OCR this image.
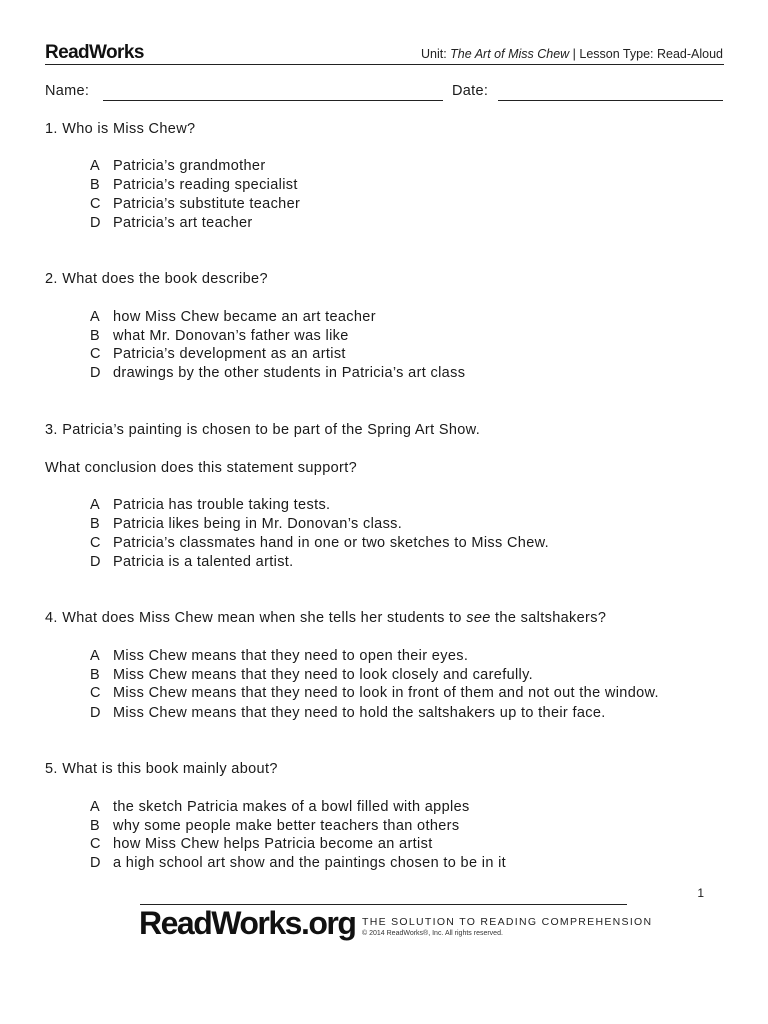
ReadWorks	Unit: The Art of Miss Chew | Lesson Type: Read-Aloud
Name:	Date:
1. Who is Miss Chew?
A Patricia’s grandmother
B Patricia’s reading specialist
C Patricia’s substitute teacher
D Patricia’s art teacher
2. What does the book describe?
A how Miss Chew became an art teacher
B what Mr. Donovan’s father was like
C Patricia’s development as an artist
D drawings by the other students in Patricia’s art class
3. Patricia’s painting is chosen to be part of the Spring Art Show.
What conclusion does this statement support?
A Patricia has trouble taking tests.
B Patricia likes being in Mr. Donovan’s class.
C Patricia’s classmates hand in one or two sketches to Miss Chew.
D Patricia is a talented artist.
4. What does Miss Chew mean when she tells her students to see the saltshakers?
A Miss Chew means that they need to open their eyes.
B Miss Chew means that they need to look closely and carefully.
C Miss Chew means that they need to look in front of them and not out the window.
D Miss Chew means that they need to hold the saltshakers up to their face.
5. What is this book mainly about?
A the sketch Patricia makes of a bowl filled with apples
B why some people make better teachers than others
C how Miss Chew helps Patricia become an artist
D a high school art show and the paintings chosen to be in it
1
ReadWorks.org THE SOLUTION TO READING COMPREHENSION
© 2014 ReadWorks®, Inc. All rights reserved.
